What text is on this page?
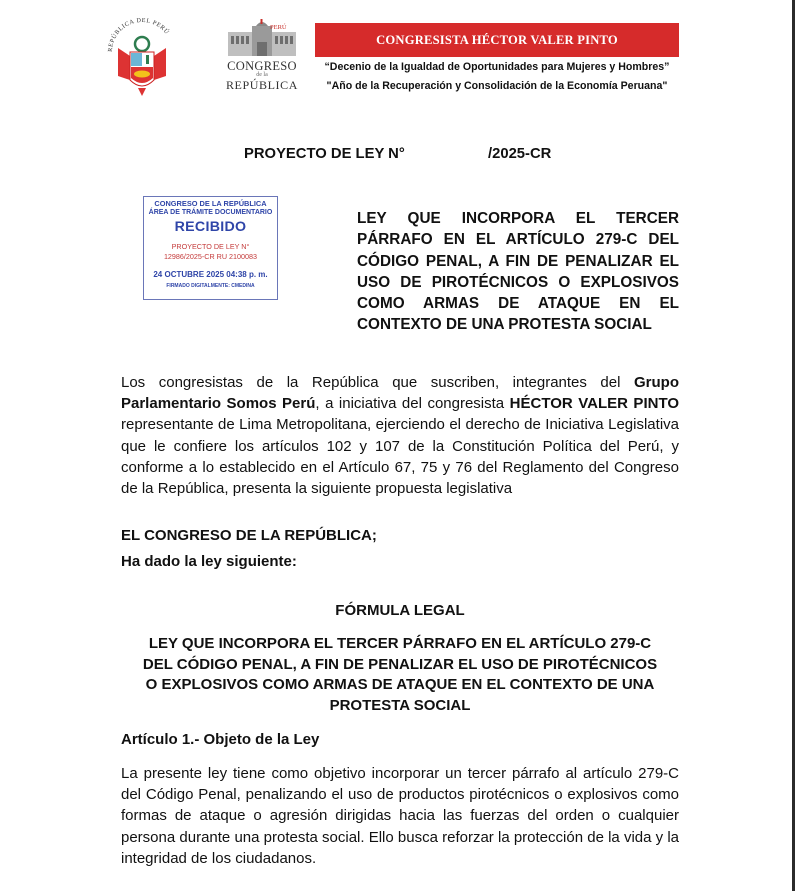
REPÚBLICA DEL PERÚ
PERÚ
CONGRESO
de la
REPÚBLICA
CONGRESISTA HÉCTOR VALER PINTO
“Decenio de la Igualdad de Oportunidades para Mujeres y Hombres”
"Año de la Recuperación y Consolidación de la Economía Peruana"
PROYECTO DE LEY N°	/2025-CR
CONGRESO DE LA REPÚBLICA
ÁREA DE TRÁMITE DOCUMENTARIO
RECIBIDO
PROYECTO DE LEY N°
12986/2025-CR RU 2100083
24 OCTUBRE 2025 04:38 p. m.
FIRMADO DIGITALMENTE: CMEDINA
LEY QUE INCORPORA EL TERCER PÁRRAFO EN EL ARTÍCULO 279-C DEL CÓDIGO PENAL, A FIN DE PENALIZAR EL USO DE PIROTÉCNICOS O EXPLOSIVOS COMO ARMAS DE ATAQUE EN EL CONTEXTO DE UNA PROTESTA SOCIAL
Los congresistas de la República que suscriben, integrantes del Grupo Parlamentario Somos Perú, a iniciativa del congresista HÉCTOR VALER PINTO representante de Lima Metropolitana, ejerciendo el derecho de Iniciativa Legislativa que le confiere los artículos 102 y 107 de la Constitución Política del Perú, y conforme a lo establecido en el Artículo 67, 75 y 76 del Reglamento del Congreso de la República, presenta la siguiente propuesta legislativa
EL CONGRESO DE LA REPÚBLICA;
Ha dado la ley siguiente:
FÓRMULA LEGAL
LEY QUE INCORPORA EL TERCER PÁRRAFO EN EL ARTÍCULO 279-C
DEL CÓDIGO PENAL, A FIN DE PENALIZAR EL USO DE PIROTÉCNICOS
O EXPLOSIVOS COMO ARMAS DE ATAQUE EN EL CONTEXTO DE UNA
PROTESTA SOCIAL
Artículo 1.- Objeto de la Ley
La presente ley tiene como objetivo incorporar un tercer párrafo al artículo 279-C del Código Penal, penalizando el uso de productos pirotécnicos o explosivos como formas de ataque o agresión dirigidas hacia las fuerzas del orden o cualquier persona durante una protesta social. Ello busca reforzar la protección de la vida y la integridad de los ciudadanos.
